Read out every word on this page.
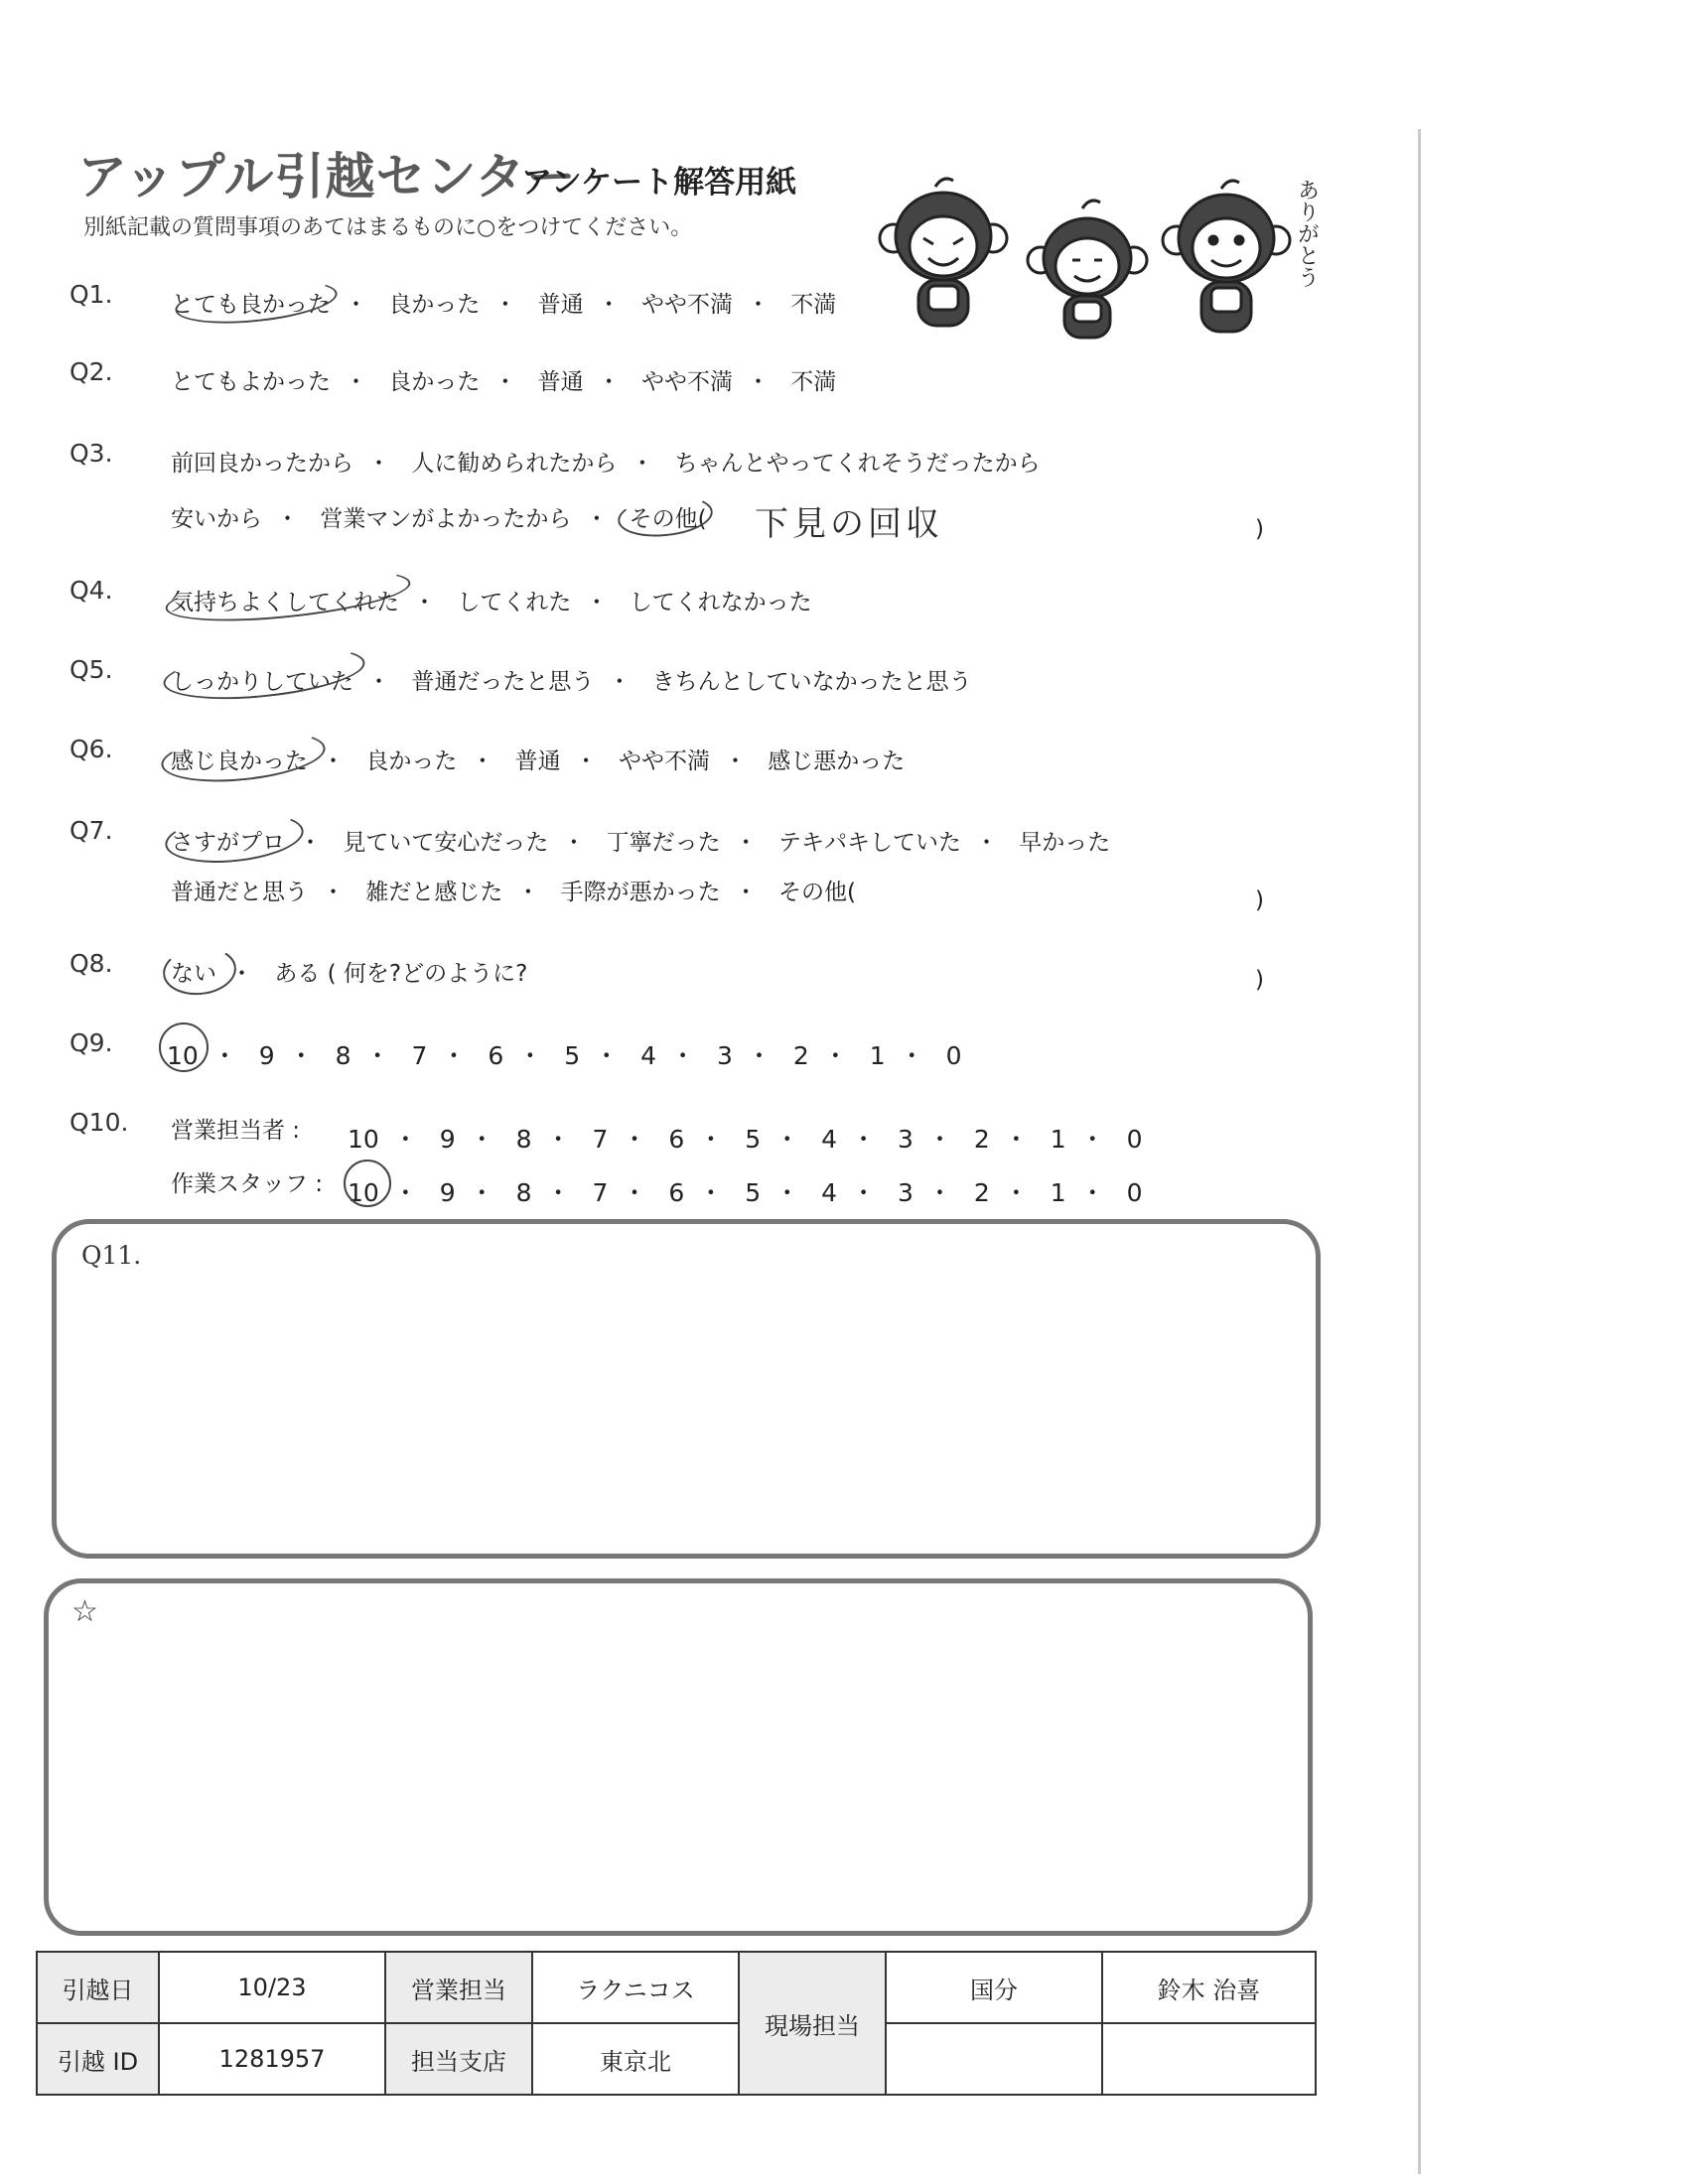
アップル引越センター
アンケート解答用紙
別紙記載の質問事項のあてはまるものに○をつけてください。	ありがとう
Q1.	とても良かった ・ 良かった ・ 普通 ・ やや不満 ・ 不満
Q2.	とてもよかった ・ 良かった ・ 普通 ・ やや不満 ・ 不満
Q3.	前回良かったから ・ 人に勧められたから ・ ちゃんとやってくれそうだったから
安いから ・ 営業マンがよかったから ・ その他( 下見の回収	)
Q4.	気持ちよくしてくれた ・ してくれた ・ してくれなかった
Q5.	しっかりしていた ・ 普通だったと思う ・ きちんとしていなかったと思う
Q6.	感じ良かった ・ 良かった ・ 普通 ・ やや不満 ・ 感じ悪かった
Q7.	さすがプロ ・ 見ていて安心だった ・ 丁寧だった ・ テキパキしていた ・ 早かった
普通だと思う ・ 雑だと感じた ・ 手際が悪かった ・ その他(	)
Q8.	ない ・ ある ( 何を?どのように?	)
Q9. 10 ・ 9 ・ 8 ・ 7 ・ 6 ・ 5 ・ 4 ・ 3 ・ 2 ・ 1 ・ 0
Q10. 営業担当者 : 10 ・ 9 ・ 8 ・ 7 ・ 6 ・ 5 ・ 4 ・ 3 ・ 2 ・ 1 ・ 0
作業スタッフ : 10 ・ 9 ・ 8 ・ 7 ・ 6 ・ 5 ・ 4 ・ 3 ・ 2 ・ 1 ・ 0
Q11.
☆
引越日	10/23	営業担当	ラクニコス	現場担当	国分	鈴木 治喜
引越 ID	1281957	担当支店	東京北			
